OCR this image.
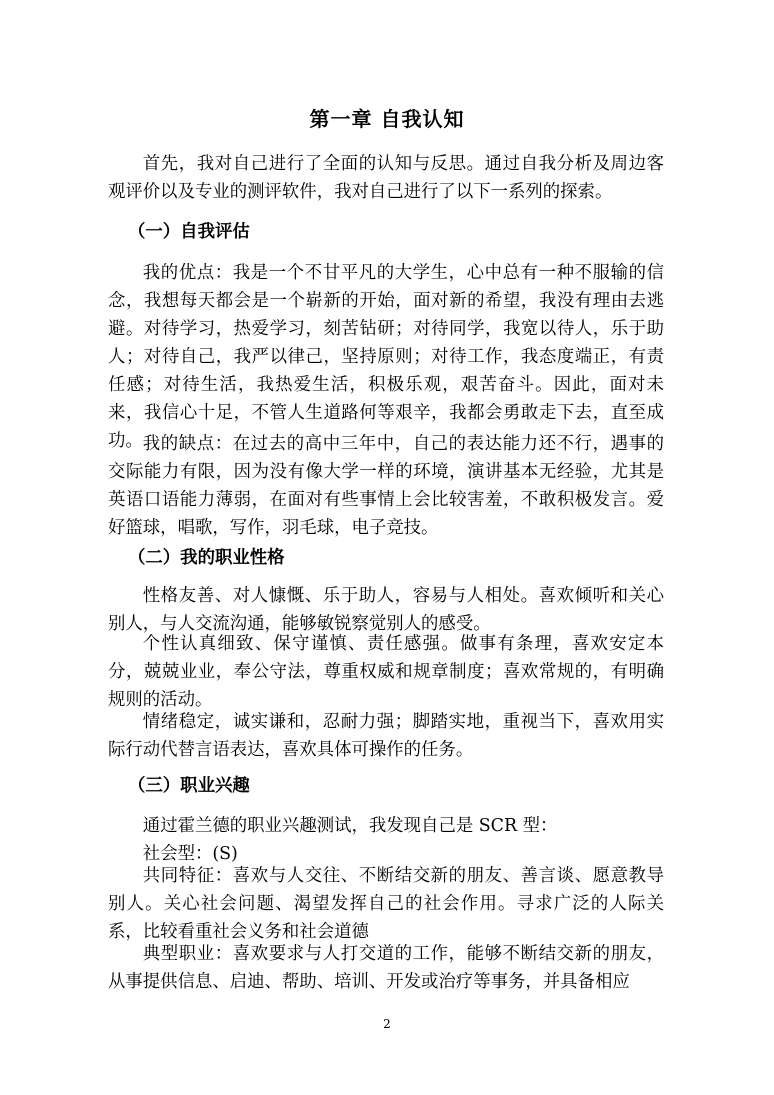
第一章 自我认知

首先，我对自己进行了全面的认知与反思。通过自我分析及周边客观评价以及专业的测评软件，我对自己进行了以下一系列的探索。

（一）自我评估

我的优点：我是一个不甘平凡的大学生，心中总有一种不服输的信念，我想每天都会是一个崭新的开始，面对新的希望，我没有理由去逃避。对待学习，热爱学习，刻苦钻研；对待同学，我宽以待人，乐于助人；对待自己，我严以律己，坚持原则；对待工作，我态度端正，有责任感；对待生活，我热爱生活，积极乐观，艰苦奋斗。因此，面对未来，我信心十足，不管人生道路何等艰辛，我都会勇敢走下去，直至成功。 我的缺点：在过去的高中三年中，自己的表达能力还不行，遇事的交际能力有限，因为没有像大学一样的环境，演讲基本无经验，尤其是英语口语能力薄弱，在面对有些事情上会比较害羞，不敢积极发言。爱好篮球，唱歌，写作，羽毛球，电子竞技。

（二）我的职业性格

性格友善、对人慷慨、乐于助人，容易与人相处。喜欢倾听和关心别人，与人交流沟通，能够敏锐察觉别人的感受。

个性认真细致、保守谨慎、责任感强。做事有条理，喜欢安定本分，兢兢业业，奉公守法，尊重权威和规章制度；喜欢常规的，有明确规则的活动。

情绪稳定，诚实谦和，忍耐力强；脚踏实地，重视当下，喜欢用实际行动代替言语表达，喜欢具体可操作的任务。

（三）职业兴趣

通过霍兰德的职业兴趣测试，我发现自己是 SCR 型：

社会型：(S)

共同特征：喜欢与人交往、不断结交新的朋友、善言谈、愿意教导别人。关心社会问题、渴望发挥自己的社会作用。寻求广泛的人际关系，比较看重社会义务和社会道德

典型职业：喜欢要求与人打交道的工作，能够不断结交新的朋友，从事提供信息、启迪、帮助、培训、开发或治疗等事务，并具备相应

2
